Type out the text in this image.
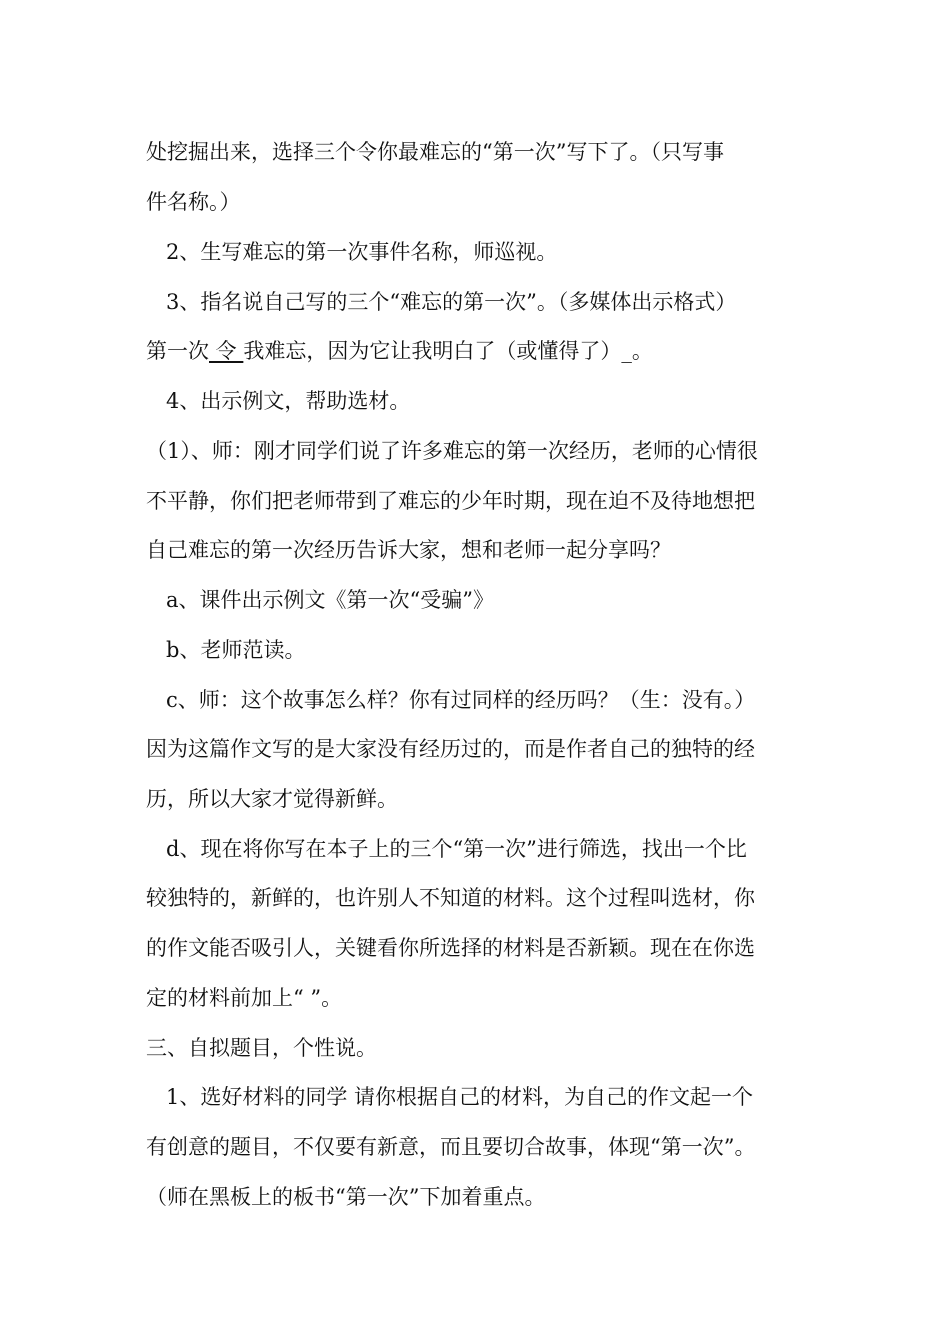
处挖掘出来，选择三个令你最难忘的“第一次”写下了。（只写事
件名称。）
2、生写难忘的第一次事件名称，师巡视。
3、指名说自己写的三个“难忘的第一次”。（多媒体出示格式）
第一次 令 我难忘，因为它让我明白了（或懂得了）_。
4、出示例文，帮助选材。
（1）、师：刚才同学们说了许多难忘的第一次经历，老师的心情很
不平静，你们把老师带到了难忘的少年时期，现在迫不及待地想把
自己难忘的第一次经历告诉大家，想和老师一起分享吗？
a、课件出示例文《第一次“受骗”》
b、老师范读。
c、师：这个故事怎么样？你有过同样的经历吗？（生：没有。）
因为这篇作文写的是大家没有经历过的，而是作者自己的独特的经
历，所以大家才觉得新鲜。
d、现在将你写在本子上的三个“第一次”进行筛选，找出一个比
较独特的，新鲜的，也许别人不知道的材料。这个过程叫选材，你
的作文能否吸引人，关键看你所选择的材料是否新颖。现在在你选
定的材料前加上“ ”。
三、自拟题目，个性说。
1、选好材料的同学 请你根据自己的材料，为自己的作文起一个
有创意的题目，不仅要有新意，而且要切合故事，体现“第一次”。
（师在黑板上的板书“第一次”下加着重点。
